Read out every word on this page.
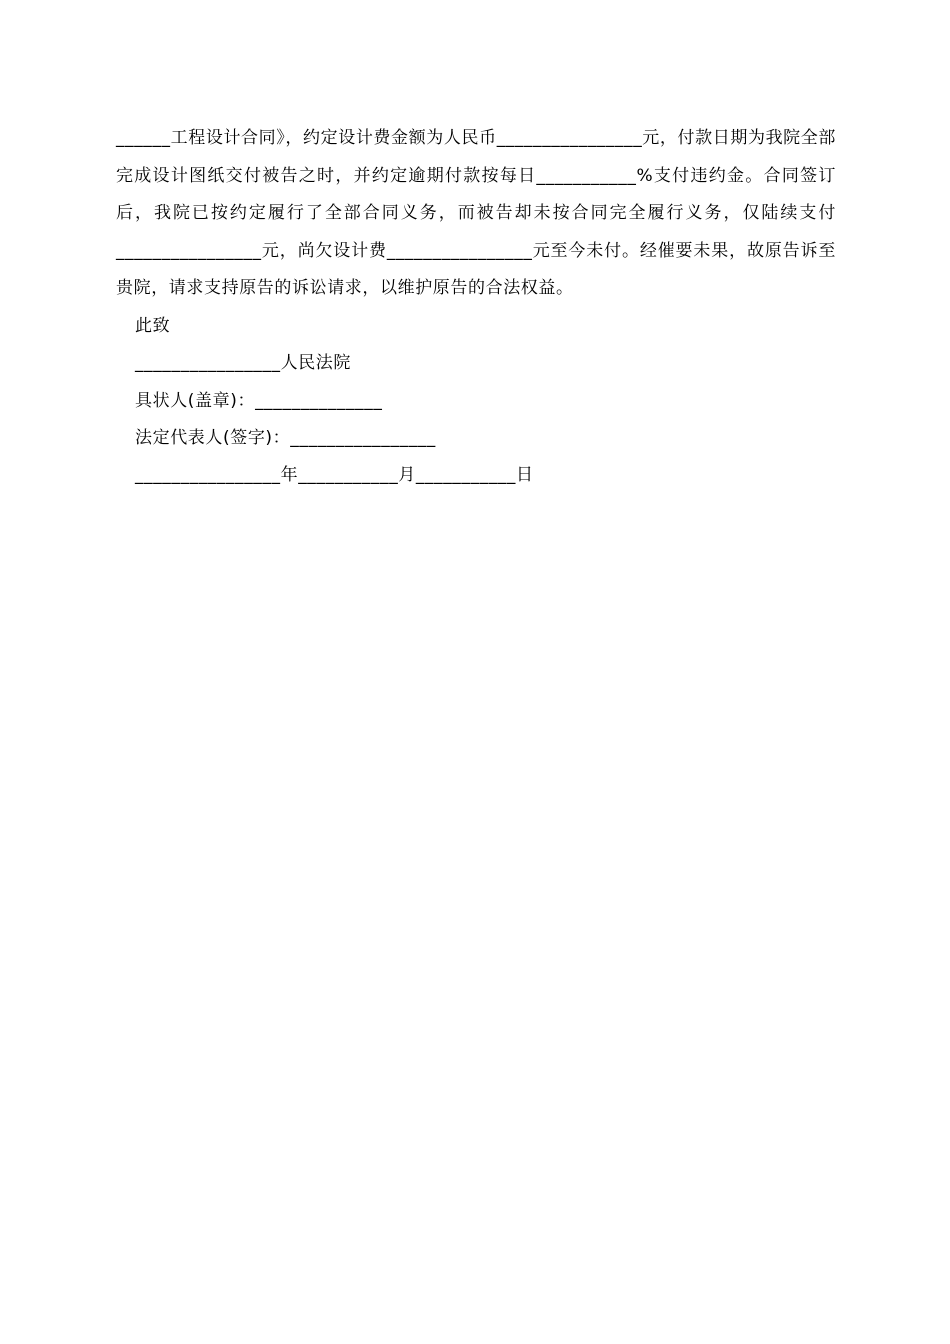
______工程设计合同》，约定设计费金额为人民币________________元，付款日期为我院全部完成设计图纸交付被告之时，并约定逾期付款按每日___________%支付违约金。合同签订后，我院已按约定履行了全部合同义务，而被告却未按合同完全履行义务，仅陆续支付________________元，尚欠设计费________________元至今未付。经催要未果，故原告诉至贵院，请求支持原告的诉讼请求，以维护原告的合法权益。

此致

________________人民法院

具状人(盖章)：______________

法定代表人(签字)：________________

________________年___________月___________日
